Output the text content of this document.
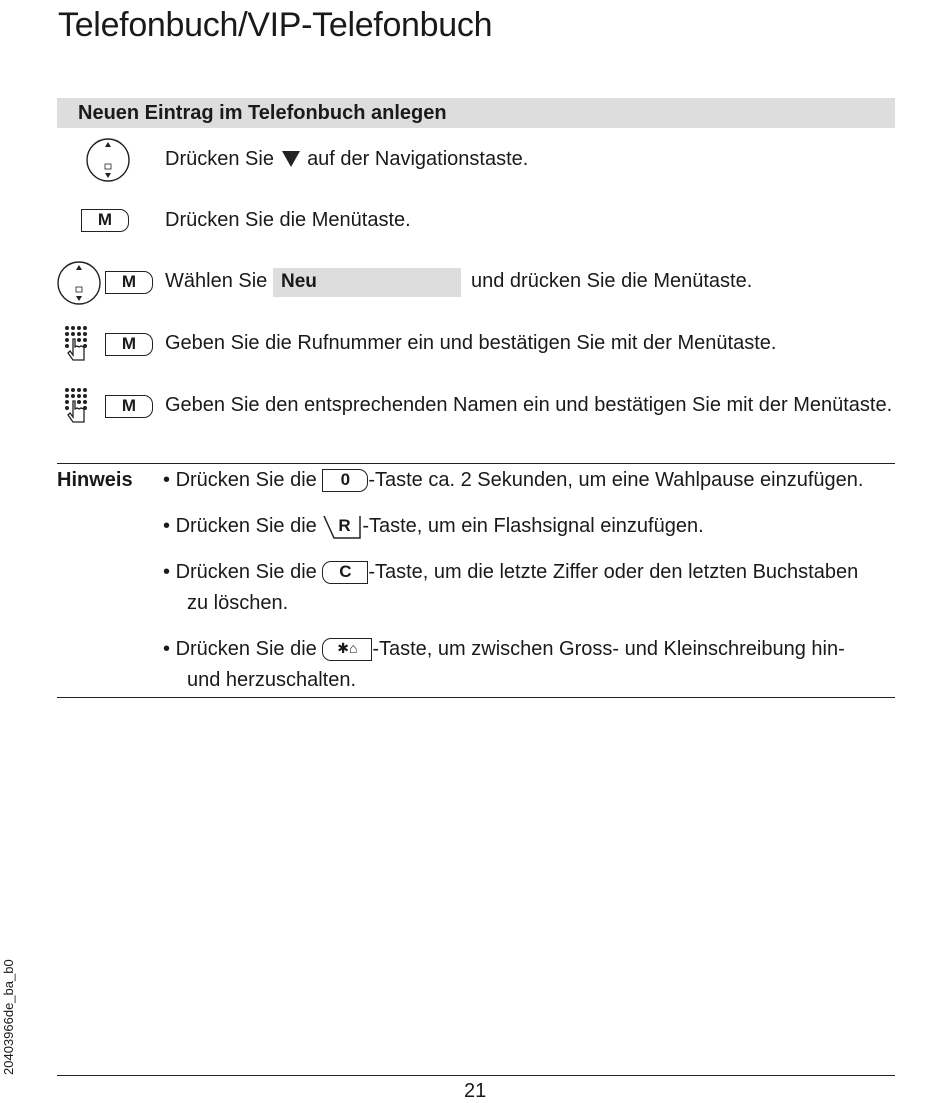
Telefonbuch/VIP-Telefonbuch
Neuen Eintrag im Telefonbuch anlegen
Drücken Sie auf der Navigationstaste.
M	Drücken Sie die Menütaste.
M	Wählen Sie Neu	und drücken Sie die Menütaste.
M	Geben Sie die Rufnummer ein und bestätigen Sie mit der Menütaste.
M	Geben Sie den entsprechenden Namen ein und bestätigen Sie mit der Menütaste.
Hinweis • Drücken Sie die 0 -Taste ca. 2 Sekunden, um eine Wahlpause einzufügen.
• Drücken Sie die R -Taste, um ein Flashsignal einzufügen.
• Drücken Sie die C -Taste, um die letzte Ziffer oder den letzten Buchstaben
zu löschen.
• Drücken Sie die ✱⌂ -Taste, um zwischen Gross- und Kleinschreibung hin-
und herzuschalten.
20403966de_ba_b0
21
